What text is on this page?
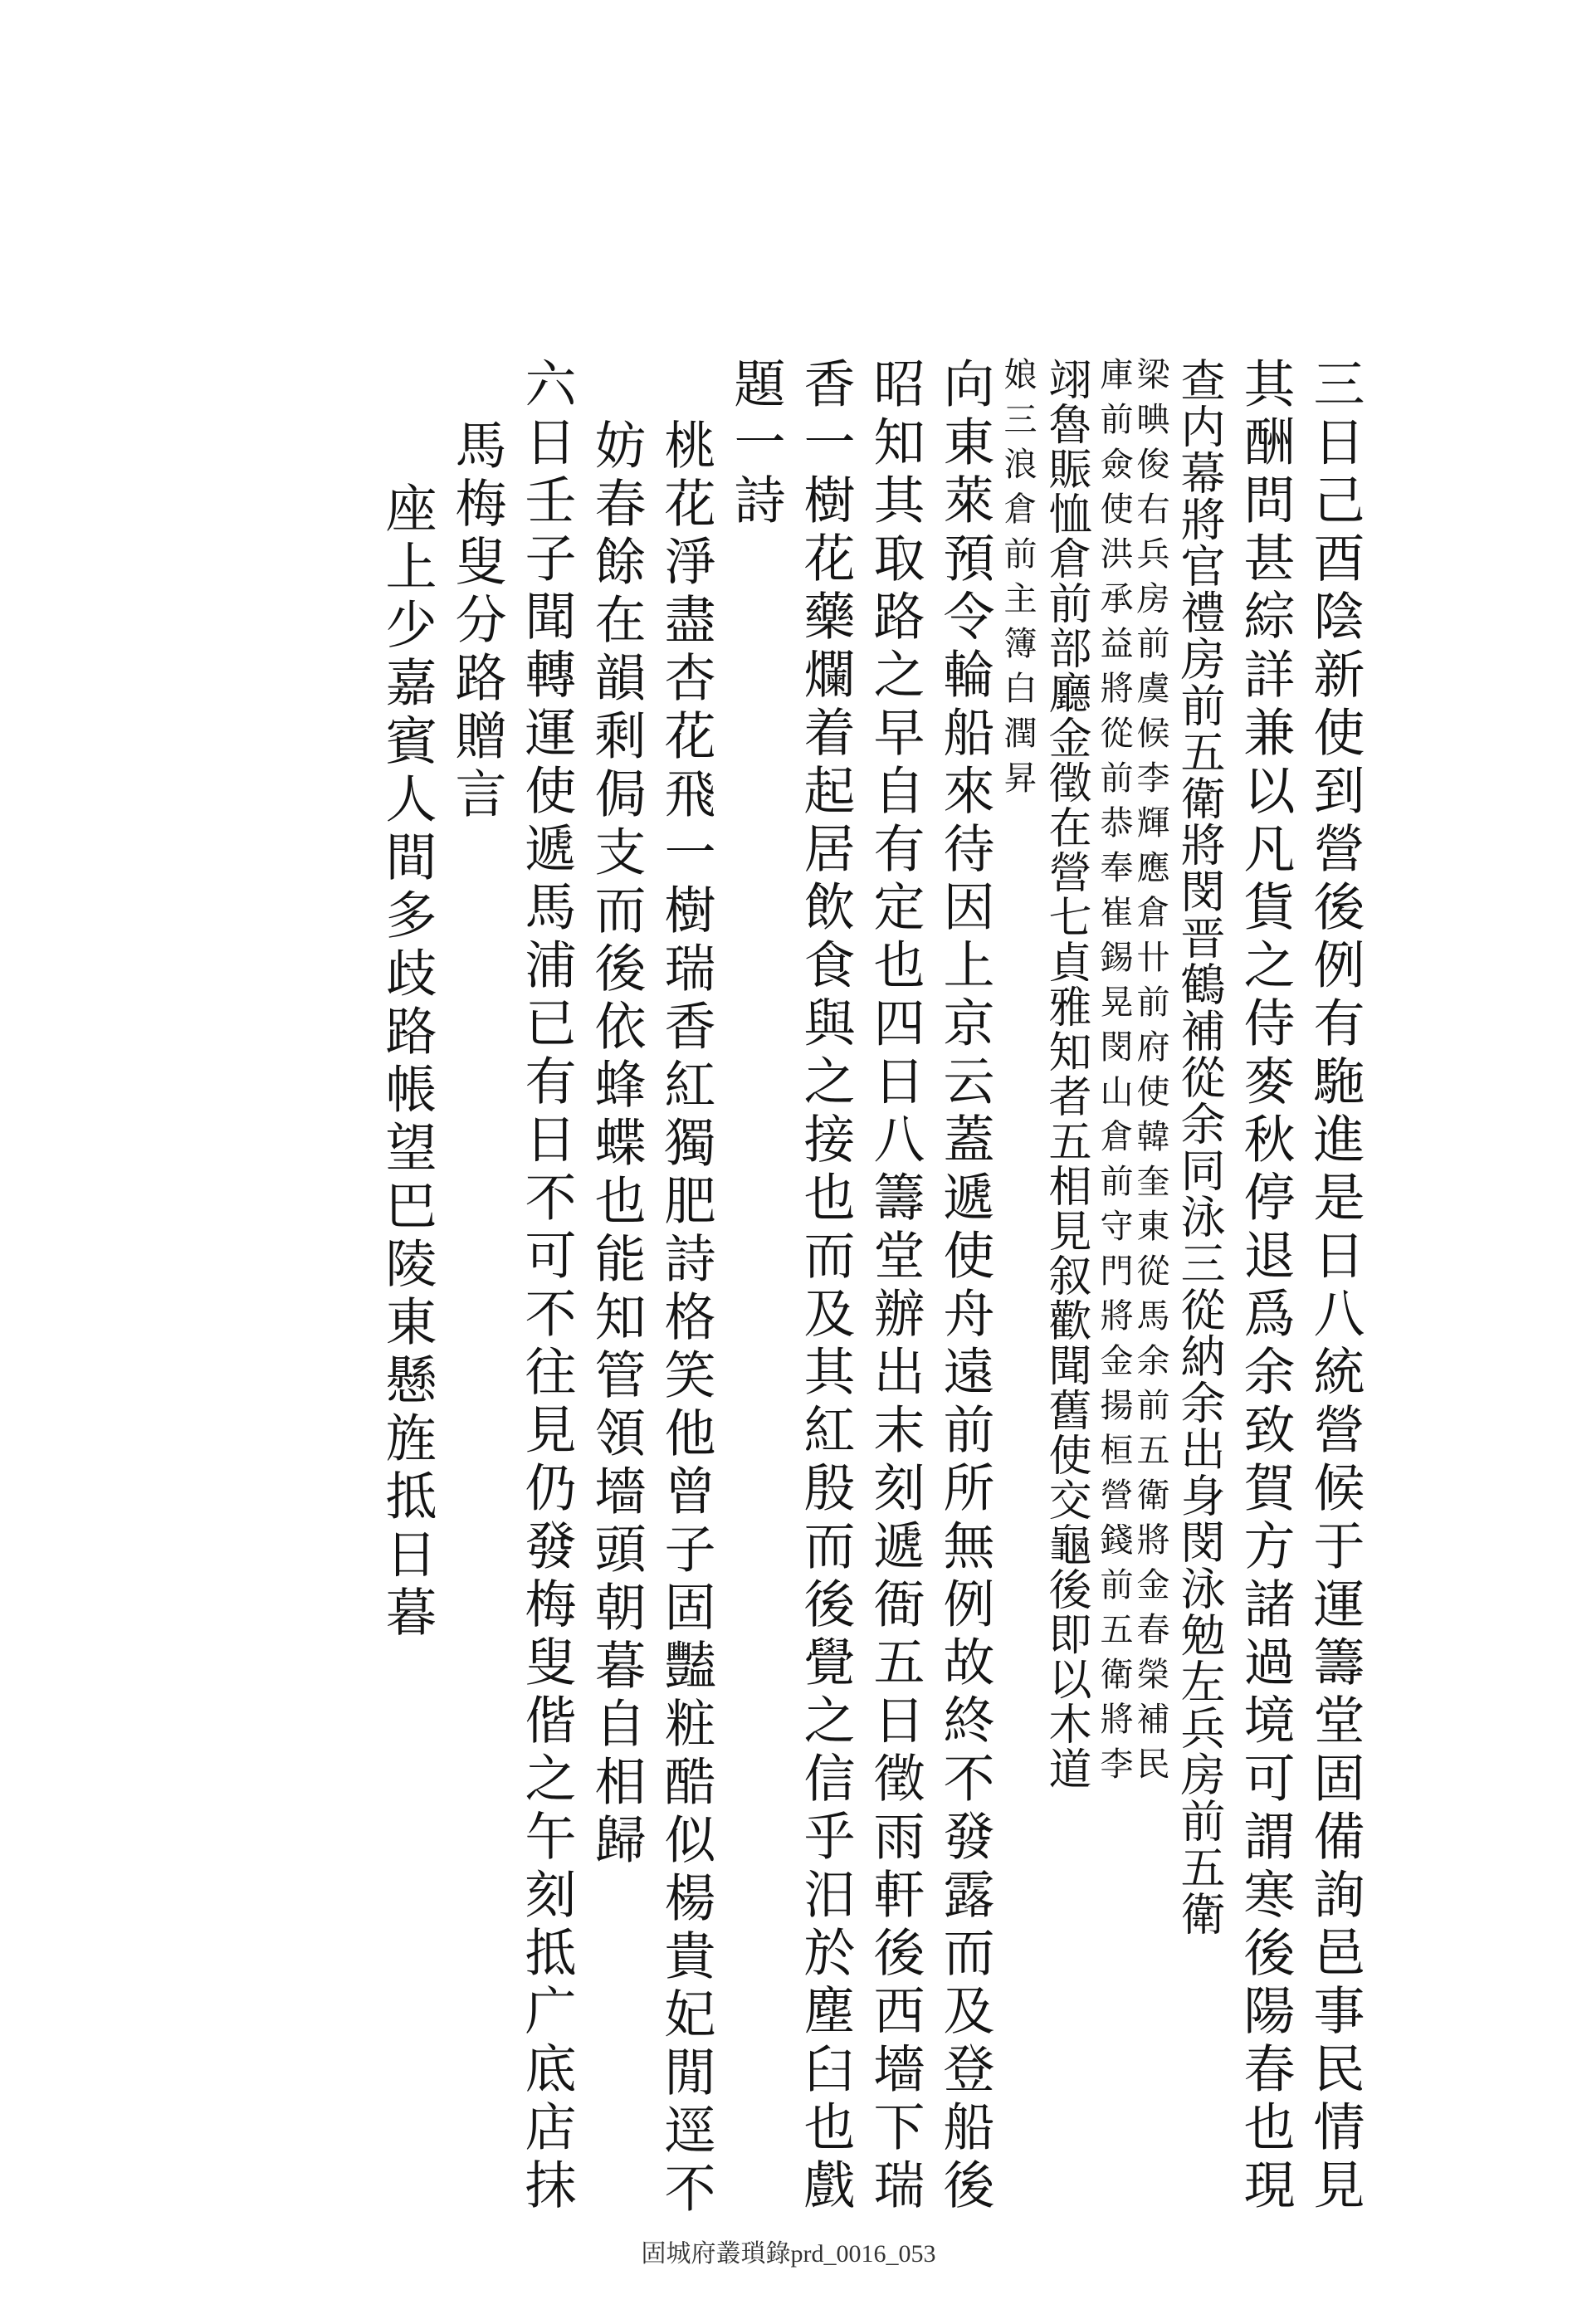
三日己酉陰新使到營後例有駞進是日八統營候于運籌堂固備詢邑事民情見
其酬問甚綜詳兼以凡貨之侍麥秋停退爲余致賀方諸過境可謂寒後陽春也現
查内幕將官禮房前五衛將閔晋鶴補從余同泳三從納余出身閔泳勉左兵房前五衛
梁晪俊右兵房前虞候李輝應倉卄前府使韓奎東從馬余前五衛將金春榮補民
庫前僉使洪承益將從前恭奉崔錫晃閔山倉前守門將金揚桓營錢前五衛將李
翊魯賑恤倉前部廳金徵在營七貞雅知者五相見叙歡聞舊使交龜後即以木道
娘三浪倉前主簿白潤昇
向東萊預令輪船來待因上京云蓋遞使舟遠前所無例故終不發露而及登船後
昭知其取路之早自有定也四日八籌堂辦出末刻遞衙五日徵雨軒後西墻下瑞
香一樹花藥爛着起居飲食與之接也而及其紅殷而後覺之信乎汨於塵臼也戲
題一詩
桃花淨盡杏花飛一樹瑞香紅獨肥詩格笑他曾子固豔粧酷似楊貴妃閒逕不
妨春餘在韻剩侷支而後依蜂蝶也能知管領墻頭朝暮自相歸
六日壬子聞轉運使遞馬浦已有日不可不往見仍發梅叟偕之午刻抵广底店抹
馬梅叟分路贈言
座上少嘉賓人間多歧路帳望巴陵東懸旌抵日暮
固城府叢瑣錄prd_0016_053
